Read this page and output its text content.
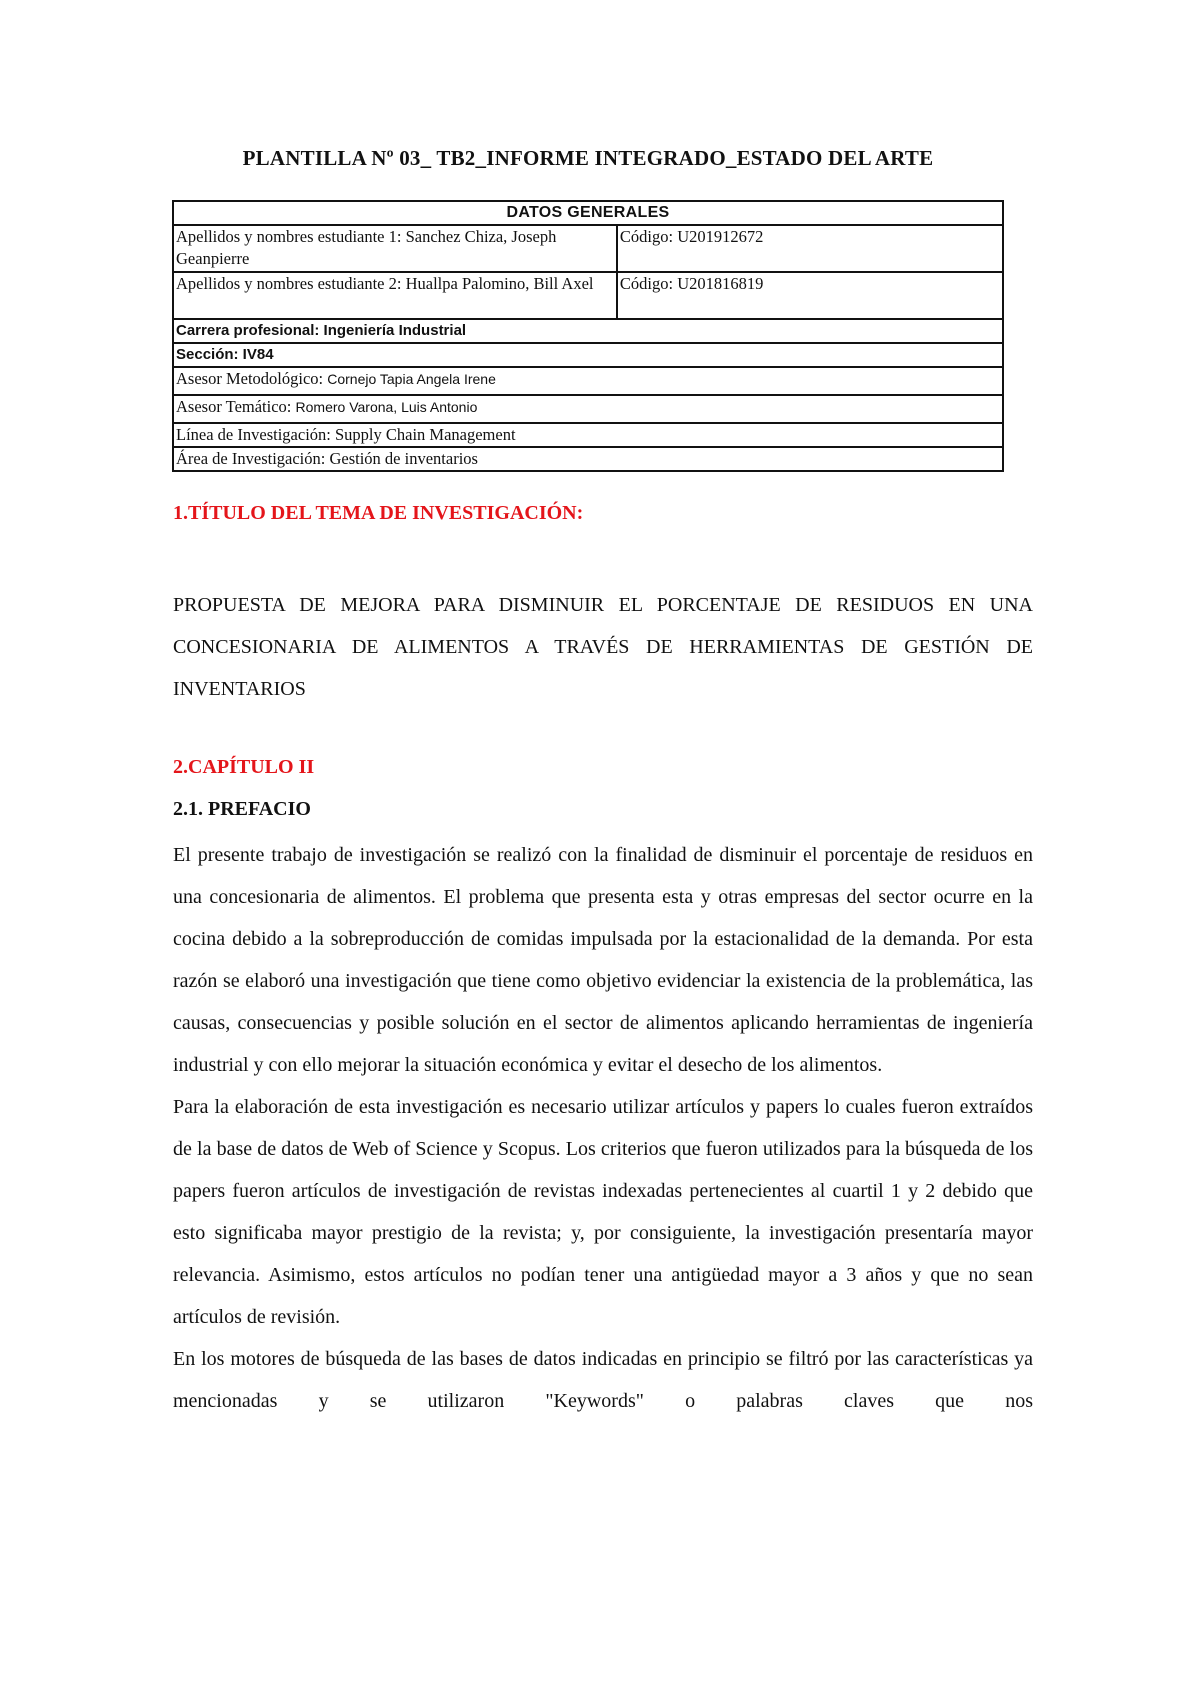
PLANTILLA Nº 03_ TB2_INFORME INTEGRADO_ESTADO DEL ARTE
DATOS GENERALES	
Apellidos y nombres estudiante 1: Sanchez Chiza, Joseph Geanpierre	Código: U201912672
Apellidos y nombres estudiante 2: Huallpa Palomino, Bill Axel	Código: U201816819
Carrera profesional: Ingeniería Industrial	
Sección: IV84	
Asesor Metodológico: Cornejo Tapia Angela Irene	
Asesor Temático: Romero Varona, Luis Antonio	
Línea de Investigación: Supply Chain Management	
Área de Investigación: Gestión de inventarios	
1.TÍTULO DEL TEMA DE INVESTIGACIÓN:
PROPUESTA DE MEJORA PARA DISMINUIR EL PORCENTAJE DE RESIDUOS EN UNA CONCESIONARIA DE ALIMENTOS A TRAVÉS DE HERRAMIENTAS DE GESTIÓN DE INVENTARIOS
2.CAPÍTULO II
2.1. PREFACIO

El presente trabajo de investigación se realizó con la finalidad de disminuir el porcentaje de residuos en una concesionaria de alimentos. El problema que presenta esta y otras empresas del sector ocurre en la cocina debido a la sobreproducción de comidas impulsada por la estacionalidad de la demanda. Por esta razón se elaboró una investigación que tiene como objetivo evidenciar la existencia de la problemática, las causas, consecuencias y posible solución en el sector de alimentos aplicando herramientas de ingeniería industrial y con ello mejorar la situación económica y evitar el desecho de los alimentos.

Para la elaboración de esta investigación es necesario utilizar artículos y papers lo cuales fueron extraídos de la base de datos de Web of Science y Scopus. Los criterios que fueron utilizados para la búsqueda de los papers fueron artículos de investigación de revistas indexadas pertenecientes al cuartil 1 y 2 debido que esto significaba mayor prestigio de la revista; y, por consiguiente, la investigación presentaría mayor relevancia. Asimismo, estos artículos no podían tener una antigüedad mayor a 3 años y que no sean artículos de revisión.

En los motores de búsqueda de las bases de datos indicadas en principio se filtró por las características ya mencionadas y se utilizaron "Keywords" o palabras claves que nos
